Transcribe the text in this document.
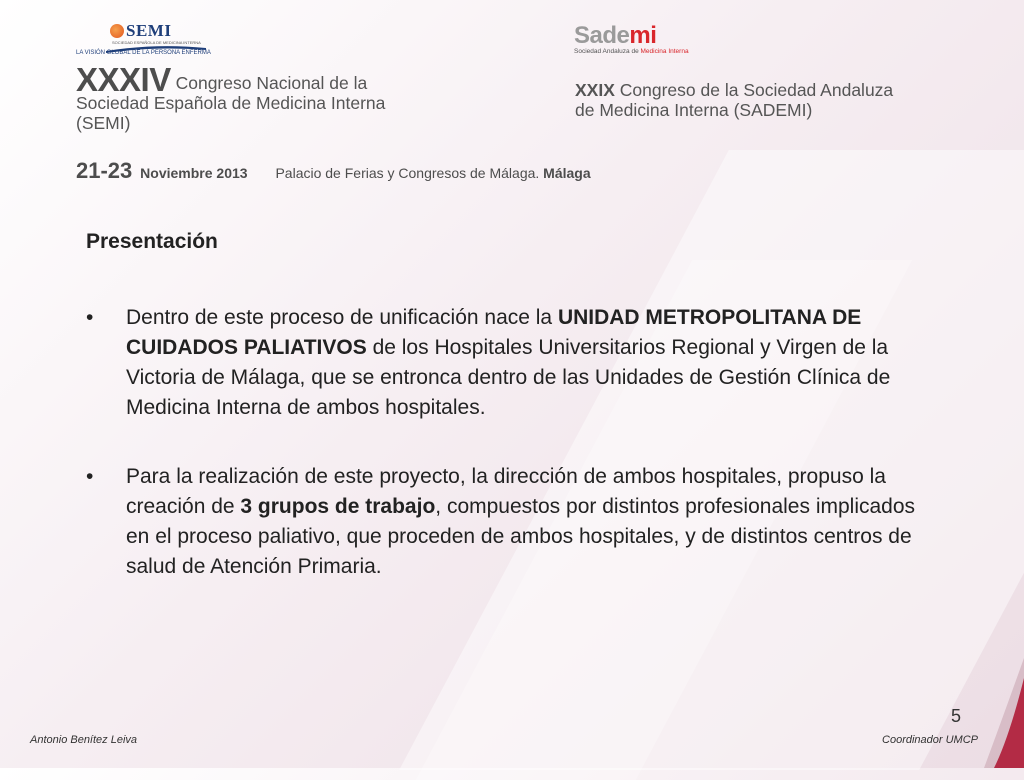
SEMI
SOCIEDAD ESPAÑOLA DE MEDICINA INTERNA
LA VISIÓN GLOBAL DE LA PERSONA ENFERMA
Sademi
Sociedad Andaluza de Medicina Interna
XXXIV Congreso Nacional de la
Sociedad Española de Medicina Interna
(SEMI)
XXIX Congreso de la Sociedad Andaluza
de Medicina Interna (SADEMI)
21-23 Noviembre 2013 Palacio de Ferias y Congresos de Málaga. Málaga
Presentación
• Dentro de este proceso de unificación nace la UNIDAD METROPOLITANA DE CUIDADOS PALIATIVOS de los Hospitales Universitarios Regional y Virgen de la Victoria de Málaga, que se entronca dentro de las Unidades de Gestión Clínica de Medicina Interna de ambos hospitales.
• Para la realización de este proyecto, la dirección de ambos hospitales, propuso la creación de 3 grupos de trabajo, compuestos por distintos profesionales implicados en el proceso paliativo, que proceden de ambos hospitales, y de distintos centros de salud de Atención Primaria.
5
Antonio Benítez Leiva	Coordinador UMCP
